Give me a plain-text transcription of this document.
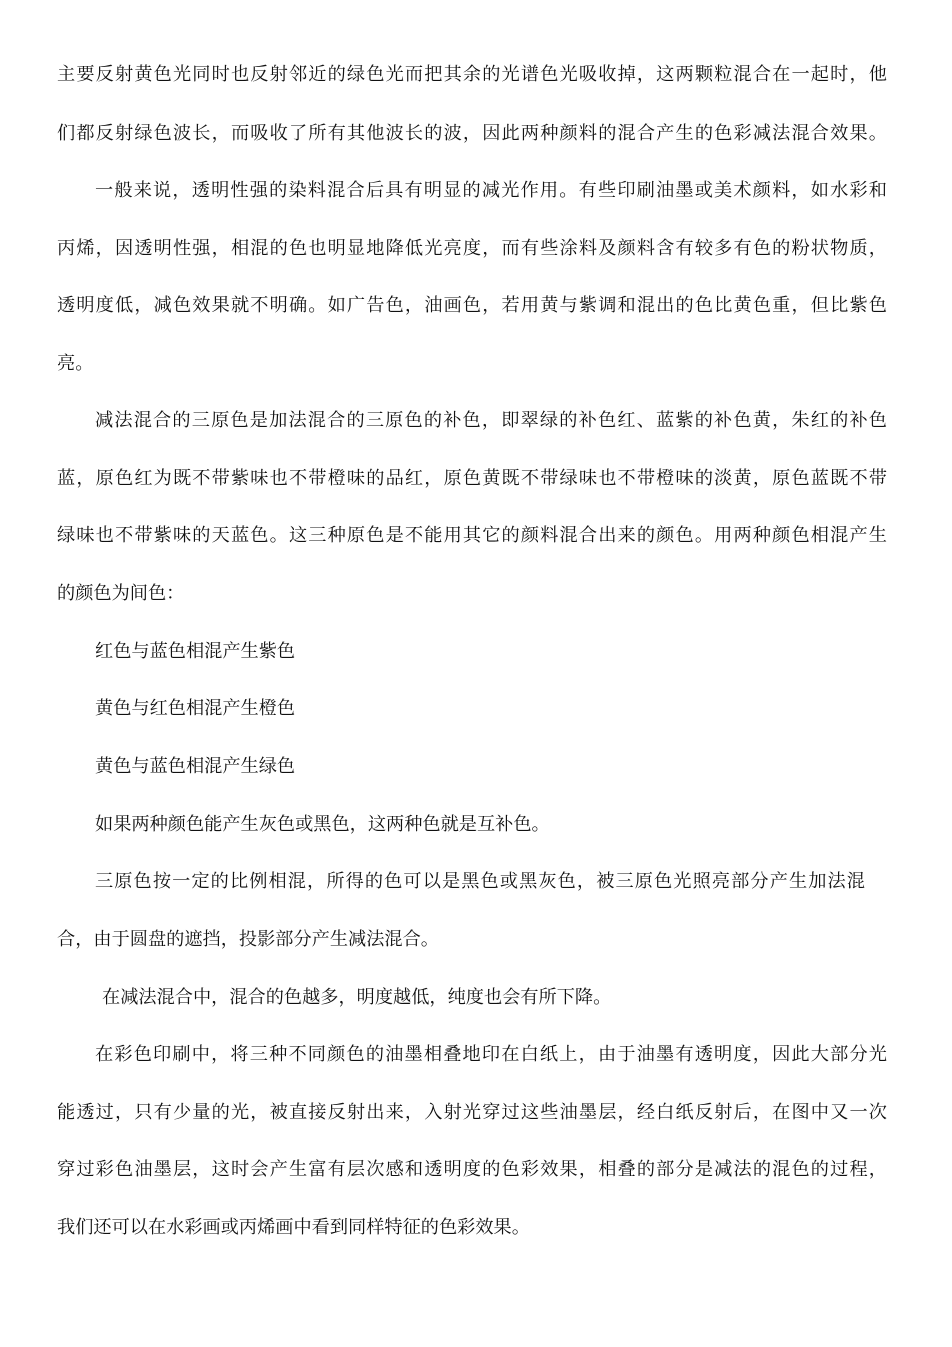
主要反射黄色光同时也反射邻近的绿色光而把其余的光谱色光吸收掉，这两颗粒混合在一起时，他
们都反射绿色波长，而吸收了所有其他波长的波，因此两种颜料的混合产生的色彩减法混合效果。
一般来说，透明性强的染料混合后具有明显的减光作用。有些印刷油墨或美术颜料，如水彩和
丙烯，因透明性强，相混的色也明显地降低光亮度，而有些涂料及颜料含有较多有色的粉状物质，
透明度低，减色效果就不明确。如广告色，油画色，若用黄与紫调和混出的色比黄色重，但比紫色
亮。
减法混合的三原色是加法混合的三原色的补色，即翠绿的补色红、蓝紫的补色黄，朱红的补色
蓝，原色红为既不带紫味也不带橙味的品红，原色黄既不带绿味也不带橙味的淡黄，原色蓝既不带
绿味也不带紫味的天蓝色。这三种原色是不能用其它的颜料混合出来的颜色。用两种颜色相混产生
的颜色为间色：
红色与蓝色相混产生紫色
黄色与红色相混产生橙色
黄色与蓝色相混产生绿色
如果两种颜色能产生灰色或黑色，这两种色就是互补色。
三原色按一定的比例相混，所得的色可以是黑色或黑灰色，被三原色光照亮部分产生加法混
合，由于圆盘的遮挡，投影部分产生减法混合。
在减法混合中，混合的色越多，明度越低，纯度也会有所下降。
在彩色印刷中，将三种不同颜色的油墨相叠地印在白纸上，由于油墨有透明度，因此大部分光
能透过，只有少量的光，被直接反射出来，入射光穿过这些油墨层，经白纸反射后，在图中又一次
穿过彩色油墨层，这时会产生富有层次感和透明度的色彩效果，相叠的部分是减法的混色的过程，
我们还可以在水彩画或丙烯画中看到同样特征的色彩效果。
